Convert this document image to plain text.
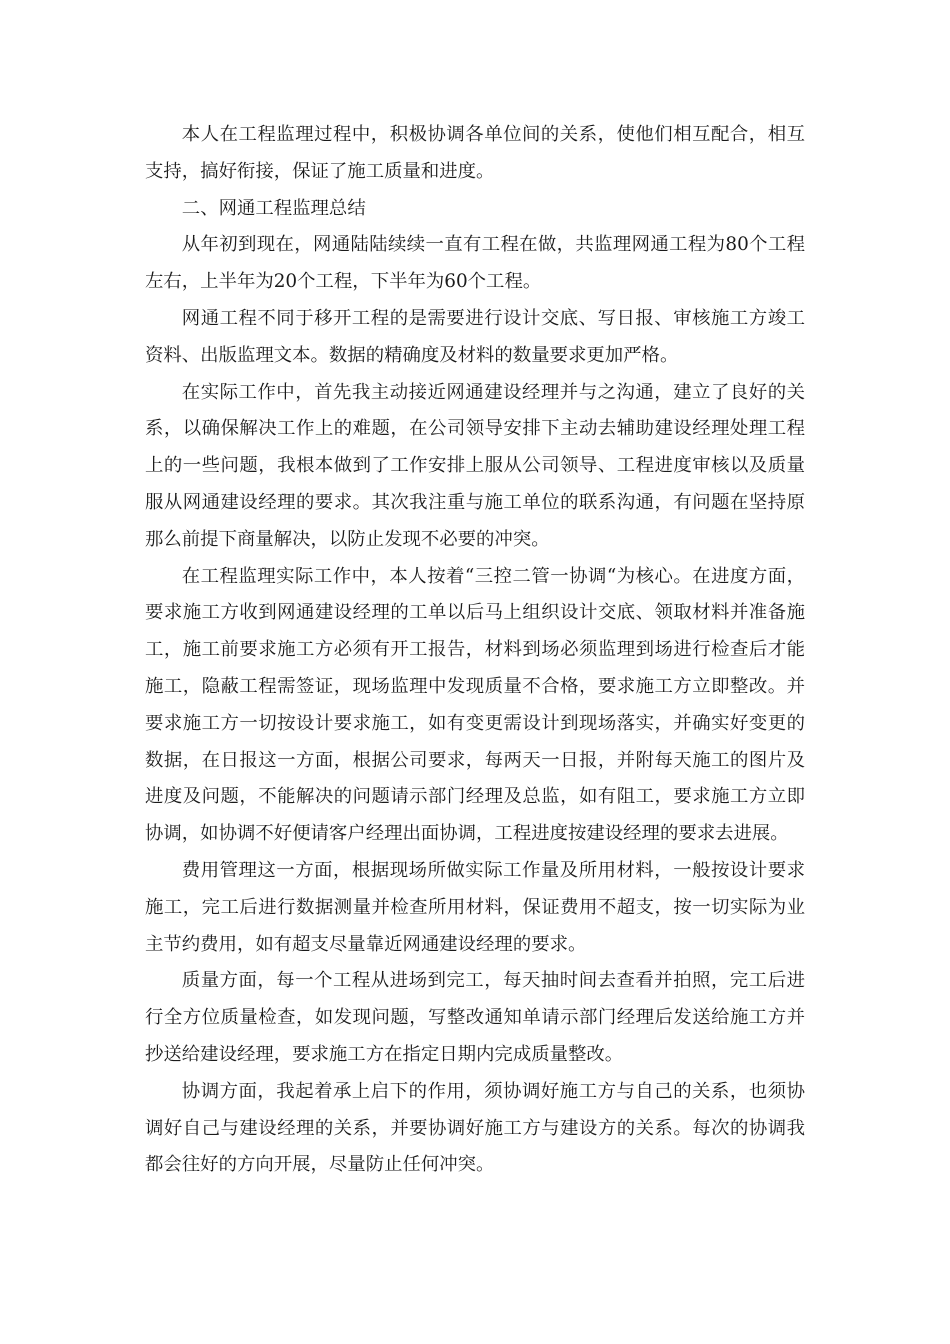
本人在工程监理过程中，积极协调各单位间的关系，使他们相互配合，相互支持，搞好衔接，保证了施工质量和进度。

二、网通工程监理总结

从年初到现在，网通陆陆续续一直有工程在做，共监理网通工程为80个工程左右，上半年为20个工程，下半年为60个工程。

网通工程不同于移开工程的是需要进行设计交底、写日报、审核施工方竣工资料、出版监理文本。数据的精确度及材料的数量要求更加严格。

在实际工作中，首先我主动接近网通建设经理并与之沟通，建立了良好的关系，以确保解决工作上的难题，在公司领导安排下主动去辅助建设经理处理工程上的一些问题，我根本做到了工作安排上服从公司领导、工程进度审核以及质量服从网通建设经理的要求。其次我注重与施工单位的联系沟通，有问题在坚持原那么前提下商量解决，以防止发现不必要的冲突。

在工程监理实际工作中，本人按着“三控二管一协调“为核心。在进度方面，要求施工方收到网通建设经理的工单以后马上组织设计交底、领取材料并准备施工，施工前要求施工方必须有开工报告，材料到场必须监理到场进行检查后才能施工，隐蔽工程需签证，现场监理中发现质量不合格，要求施工方立即整改。并要求施工方一切按设计要求施工，如有变更需设计到现场落实，并确实好变更的数据，在日报这一方面，根据公司要求，每两天一日报，并附每天施工的图片及进度及问题，不能解决的问题请示部门经理及总监，如有阻工，要求施工方立即协调，如协调不好便请客户经理出面协调，工程进度按建设经理的要求去进展。

费用管理这一方面，根据现场所做实际工作量及所用材料，一般按设计要求施工，完工后进行数据测量并检查所用材料，保证费用不超支，按一切实际为业主节约费用，如有超支尽量靠近网通建设经理的要求。

质量方面，每一个工程从进场到完工，每天抽时间去查看并拍照，完工后进行全方位质量检查，如发现问题，写整改通知单请示部门经理后发送给施工方并抄送给建设经理，要求施工方在指定日期内完成质量整改。

协调方面，我起着承上启下的作用，须协调好施工方与自己的关系，也须协调好自己与建设经理的关系，并要协调好施工方与建设方的关系。每次的协调我都会往好的方向开展，尽量防止任何冲突。
